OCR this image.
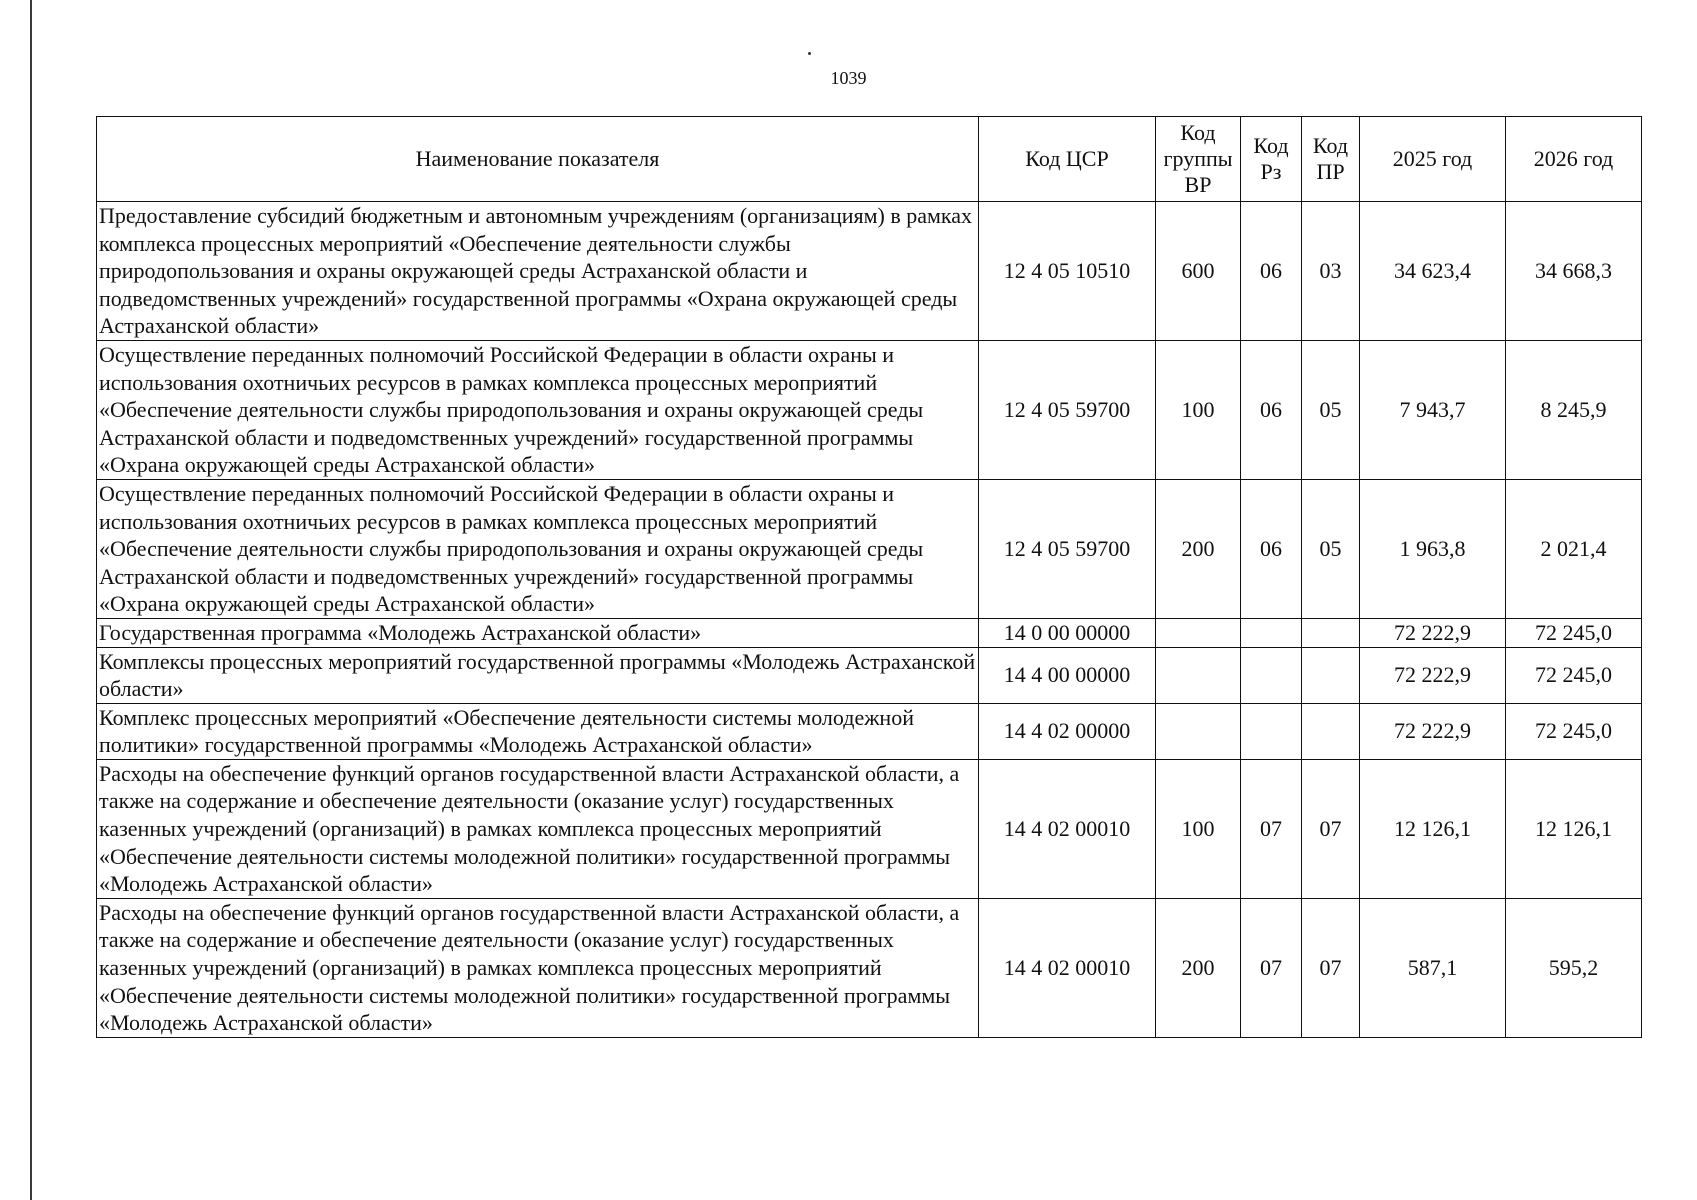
1039
Наименование показателя	Код ЦСР	Код группы ВР	Код Рз	Код ПР	2025 год	2026 год
Предоставление субсидий бюджетным и автономным учреждениям (организациям) в рамках комплекса процессных мероприятий «Обеспечение деятельности службы природопользования и охраны окружающей среды Астраханской области и подведомственных учреждений» государственной программы «Охрана окружающей среды Астраханской области»	12 4 05 10510	600	06	03	34 623,4	34 668,3
Осуществление переданных полномочий Российской Федерации в области охраны и использования охотничьих ресурсов в рамках комплекса процессных мероприятий «Обеспечение деятельности службы природопользования и охраны окружающей среды Астраханской области и подведомственных учреждений» государственной программы «Охрана окружающей среды Астраханской области»	12 4 05 59700	100	06	05	7 943,7	8 245,9
Осуществление переданных полномочий Российской Федерации в области охраны и использования охотничьих ресурсов в рамках комплекса процессных мероприятий «Обеспечение деятельности службы природопользования и охраны окружающей среды Астраханской области и подведомственных учреждений» государственной программы «Охрана окружающей среды Астраханской области»	12 4 05 59700	200	06	05	1 963,8	2 021,4
Государственная программа «Молодежь Астраханской области»	14 0 00 00000				72 222,9	72 245,0
Комплексы процессных мероприятий государственной программы «Молодежь Астраханской области»	14 4 00 00000				72 222,9	72 245,0
Комплекс процессных мероприятий «Обеспечение деятельности системы молодежной политики» государственной программы «Молодежь Астраханской области»	14 4 02 00000				72 222,9	72 245,0
Расходы на обеспечение функций органов государственной власти Астраханской области, а также на содержание и обеспечение деятельности (оказание услуг) государственных казенных учреждений (организаций) в рамках комплекса процессных мероприятий «Обеспечение деятельности системы молодежной политики» государственной программы «Молодежь Астраханской области»	14 4 02 00010	100	07	07	12 126,1	12 126,1
Расходы на обеспечение функций органов государственной власти Астраханской области, а также на содержание и обеспечение деятельности (оказание услуг) государственных казенных учреждений (организаций) в рамках комплекса процессных мероприятий «Обеспечение деятельности системы молодежной политики» государственной программы «Молодежь Астраханской области»	14 4 02 00010	200	07	07	587,1	595,2
